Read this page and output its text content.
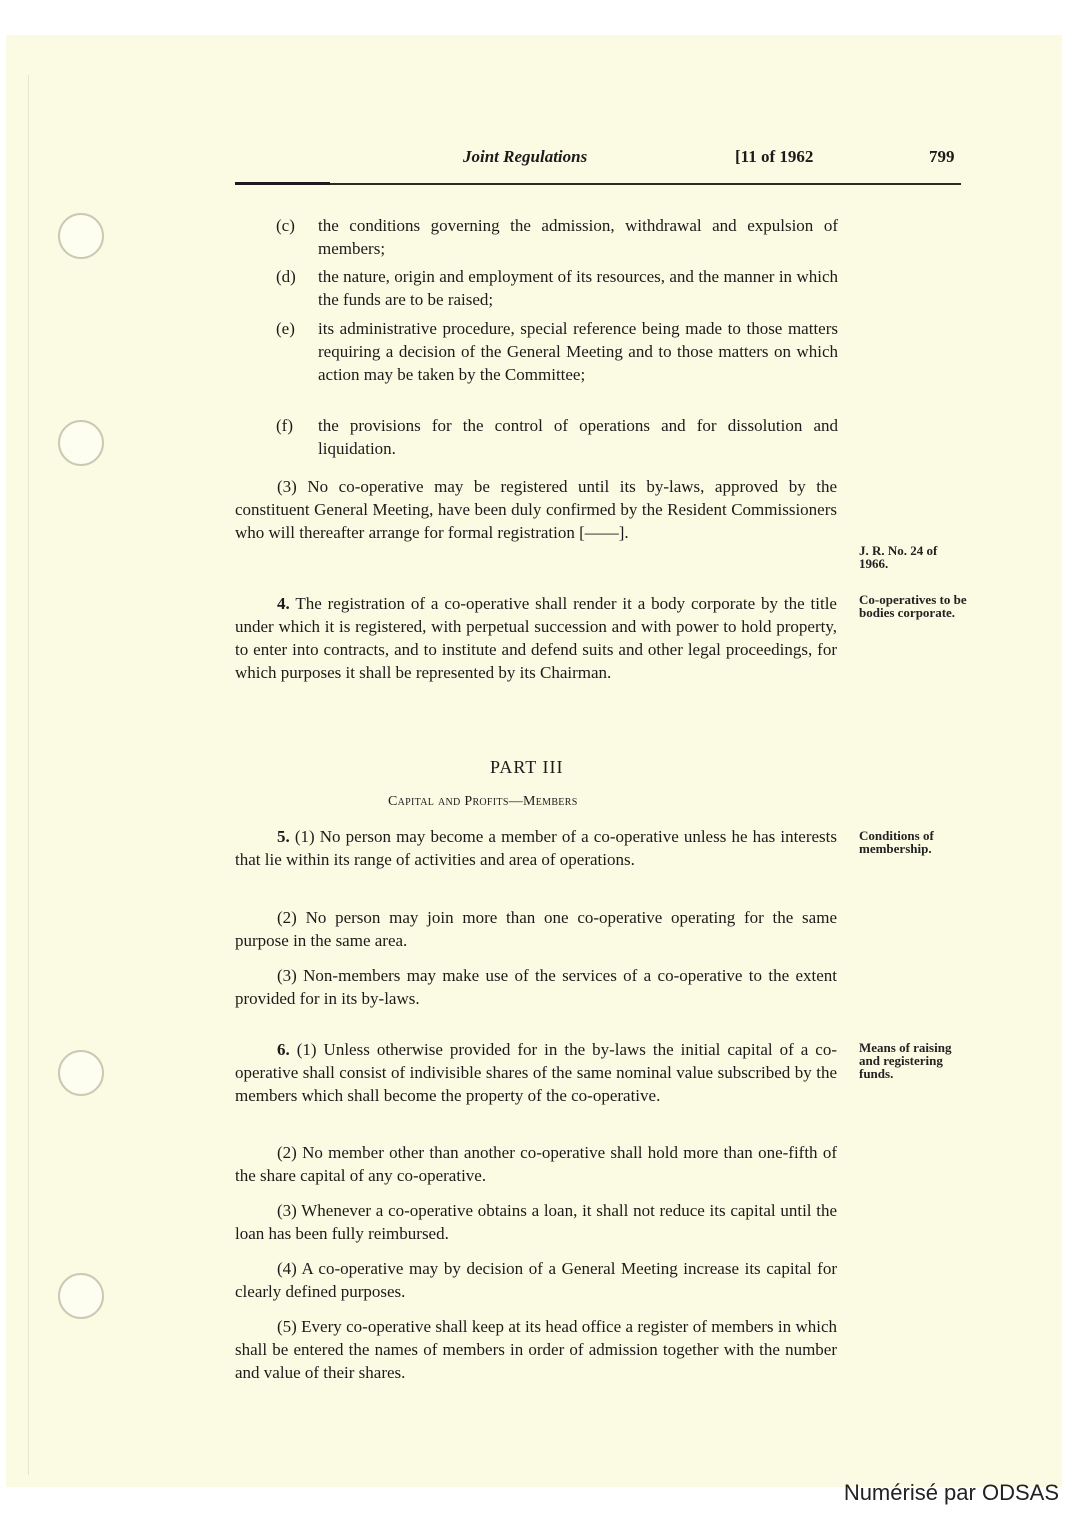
Joint Regulations	[11 of 1962	799
(c) the conditions governing the admission, withdrawal and expulsion of members;
(d) the nature, origin and employment of its resources, and the manner in which the funds are to be raised;
(e) its administrative procedure, special reference being made to those matters requiring a decision of the General Meeting and to those matters on which action may be taken by the Committee;
(f) the provisions for the control of operations and for dissolution and liquidation.

(3) No co-operative may be registered until its by-laws, approved by the constituent General Meeting, have been duly confirmed by the Resident Commissioners who will thereafter arrange for formal registration [——].

J. R. No. 24 of 1966.

4. The registration of a co-operative shall render it a body corporate by the title under which it is registered, with perpetual succession and with power to hold property, to enter into contracts, and to institute and defend suits and other legal proceedings, for which purposes it shall be represented by its Chairman.

Co-operatives to be bodies corporate.
PART III
Capital and Profits—Members

5. (1) No person may become a member of a co-operative unless he has interests that lie within its range of activities and area of operations.

Conditions of membership.

(2) No person may join more than one co-operative operating for the same purpose in the same area.

(3) Non-members may make use of the services of a co-operative to the extent provided for in its by-laws.

6. (1) Unless otherwise provided for in the by-laws the initial capital of a co-operative shall consist of indivisible shares of the same nominal value subscribed by the members which shall become the property of the co-operative.

Means of raising and registering funds.

(2) No member other than another co-operative shall hold more than one-fifth of the share capital of any co-operative.

(3) Whenever a co-operative obtains a loan, it shall not reduce its capital until the loan has been fully reimbursed.

(4) A co-operative may by decision of a General Meeting increase its capital for clearly defined purposes.

(5) Every co-operative shall keep at its head office a register of members in which shall be entered the names of members in order of admission together with the number and value of their shares.

Numérisé par ODSAS
